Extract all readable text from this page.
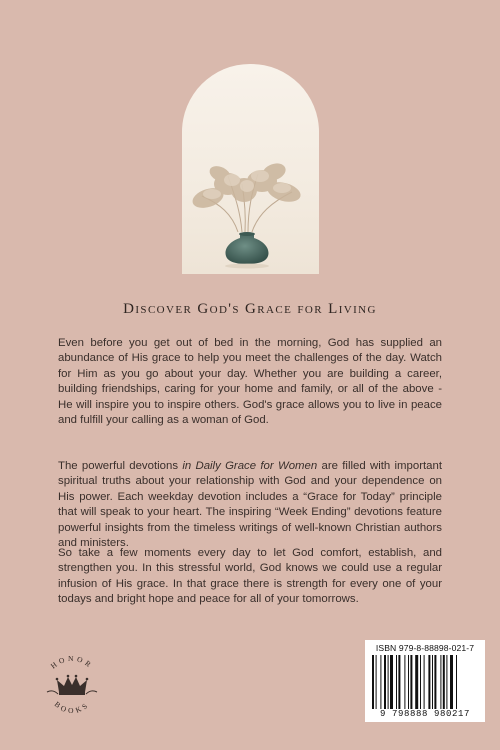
Discover God's Grace for Living

Even before you get out of bed in the morning, God has supplied an abundance of His grace to help you meet the challenges of the day. Watch for Him as you go about your day. Whether you are building a career, building friendships, caring for your home and family, or all of the above - He will inspire you to inspire others. God's grace allows you to live in peace and fulfill your calling as a woman of God.

The powerful devotions in Daily Grace for Women are filled with important spiritual truths about your relationship with God and your dependence on His power. Each weekday devotion includes a “Grace for Today” principle that will speak to your heart. The inspiring “Week Ending” devotions feature powerful insights from the timeless writings of well-known Christian authors and ministers.

So take a few moments every day to let God comfort, establish, and strengthen you. In this stressful world, God knows we could use a regular infusion of His grace. In that grace there is strength for every one of your todays and bright hope and peace for all of your tomorrows.

HONOR
BOOKS
ISBN 979-8-88898-021-7
9 798888 980217
